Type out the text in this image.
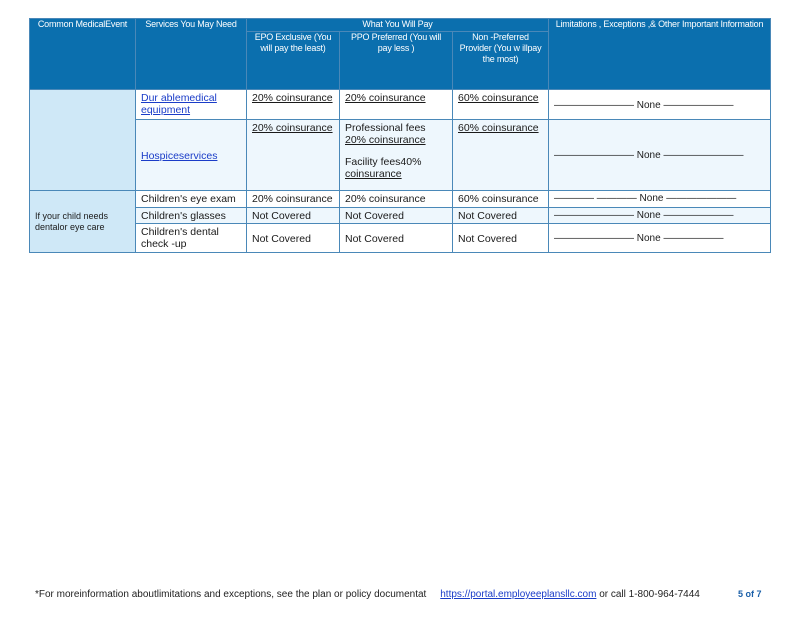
Common MedicalEvent	Services You May Need	What You Will Pay			Limitations , Exceptions ,& Other Important Information
		EPO Exclusive (You will pay the least)	PPO Preferred (You will pay less )	Non -Preferred Provider (You w illpay the most)	
	Dur ablemedical equipment	20% coinsurance	20% coinsurance	60% coinsurance	———————— None ———————
	Hospiceservices	20% coinsurance	Professional fees
20% coinsurance
Facility fees40%
coinsurance	60% coinsurance	———————— None ————————
If your child needs dentalor eye care	Children's eye exam	20% coinsurance	20% coinsurance	60% coinsurance	———— ———— None ———————
	Children's glasses	Not Covered	Not Covered	Not Covered	———————— None ———————
	Children's dental check -up	Not Covered	Not Covered	Not Covered	———————— None ——————
*For moreinformation aboutlimitations and exceptions, see the plan or policy documentat https://portal.employeeplansllc.com or call 1-800-964-7444	5 of 7
